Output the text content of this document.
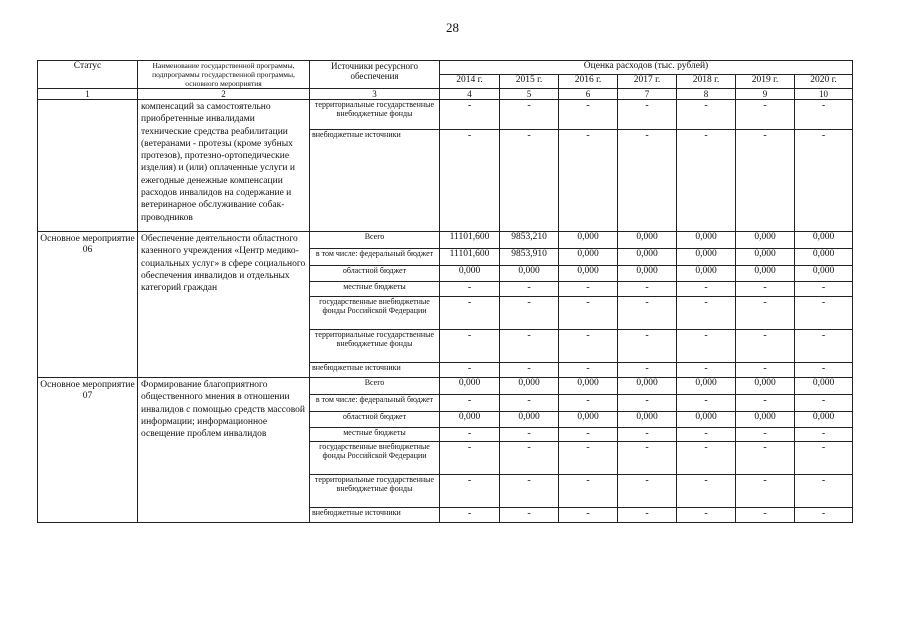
28
Статус	Наименование государственной программы, подпрограммы государственной программы, основного мероприятия	Источники ресурсного обеспечения	Оценка расходов (тыс. рублей)						
			2014 г.	2015 г.	2016 г.	2017 г.	2018 г.	2019 г.	2020 г.
1	2	3	4	5	6	7	8	9	10
	компенсаций за самостоятельно приобретенные инвалидами технические средства реабилитации (ветеранами - протезы (кроме зубных протезов), протезно-ортопедические изделия) и (или) оплаченные услуги и ежегодные денежные компенсации расходов инвалидов на содержание и ветеринарное обслуживание собак-проводников	территориальные государственные внебюджетные фонды	-	-	-	-	-	-	-
		внебюджетные источники	-	-	-	-	-	-	-
Основное мероприятие 06	Обеспечение деятельности областного казенного учреждения «Центр медико-социальных услуг» в сфере социального обеспечения инвалидов и отдельных категорий граждан	Всего	11101,600	9853,210	0,000	0,000	0,000	0,000	0,000
		в том числе: федеральный бюджет	11101,600	9853,910	0,000	0,000	0,000	0,000	0,000
		областной бюджет	0,000	0,000	0,000	0,000	0,000	0,000	0,000
		местные бюджеты	-	-	-	-	-	-	-
		государственные внебюджетные фонды Российской Федерации	-	-	-	-	-	-	-
		территориальные государственные внебюджетные фонды	-	-	-	-	-	-	-
		внебюджетные источники	-	-	-	-	-	-	-
Основное мероприятие 07	Формирование благоприятного общественного мнения в отношении инвалидов с помощью средств массовой информации; информационное освещение проблем инвалидов	Всего	0,000	0,000	0,000	0,000	0,000	0,000	0,000
		в том числе: федеральный бюджет	-	-	-	-	-	-	-
		областной бюджет	0,000	0,000	0,000	0,000	0,000	0,000	0,000
		местные бюджеты	-	-	-	-	-	-	-
		государственные внебюджетные фонды Российской Федерации	-	-	-	-	-	-	-
		территориальные государственные внебюджетные фонды	-	-	-	-	-	-	-
		внебюджетные источники	-	-	-	-	-	-	-
